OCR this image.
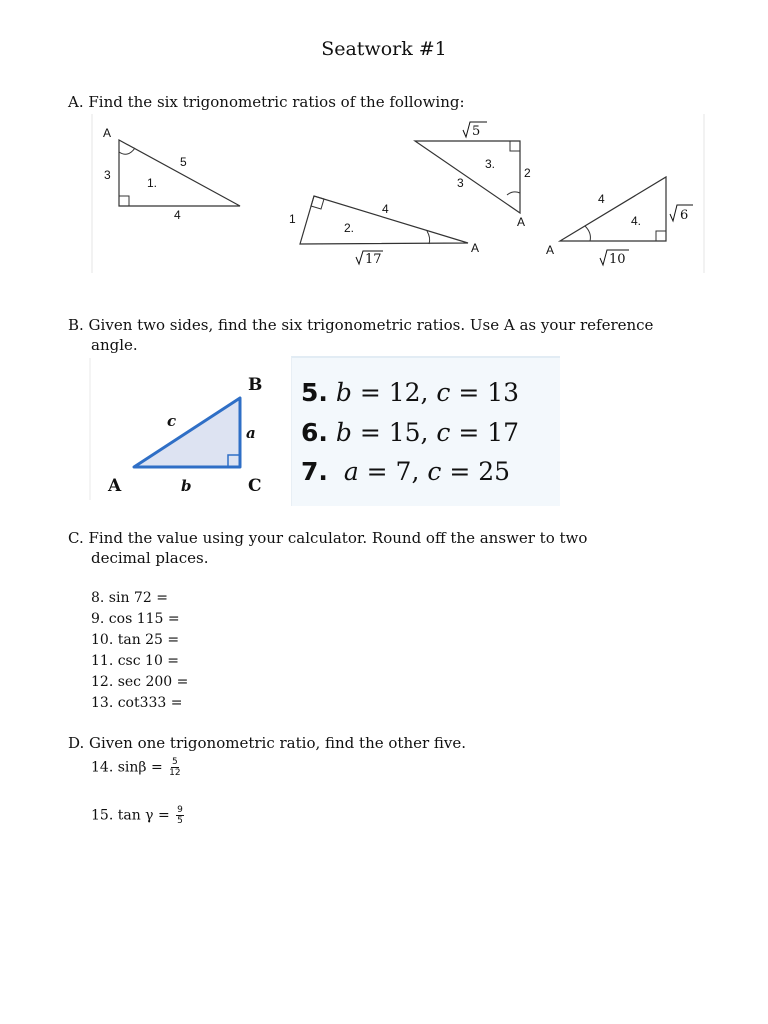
Seatwork #1
A. Find the six trigonometric ratios of the following:
A
3
5
4
1.
1
4
2.
A
17
5
3.
2
3
A
4
4.
A
6
10
B. Given two sides, find the six trigonometric ratios. Use A as your reference
angle.
B
c
a
A	b	C
5. b = 12, c = 13
6. b = 15, c = 17
7. a = 7, c = 25
C. Find the value using your calculator. Round off the answer to two
decimal places.
8. sin 72 =
9. cos 115 =
10. tan 25 =
11. csc 10 =
12. sec 200 =
13. cot333 =
D. Given one trigonometric ratio, find the other five.
14. $\sin\beta = \frac{5}{12}$
15. $\tan \gamma = \frac{9}{5}$
